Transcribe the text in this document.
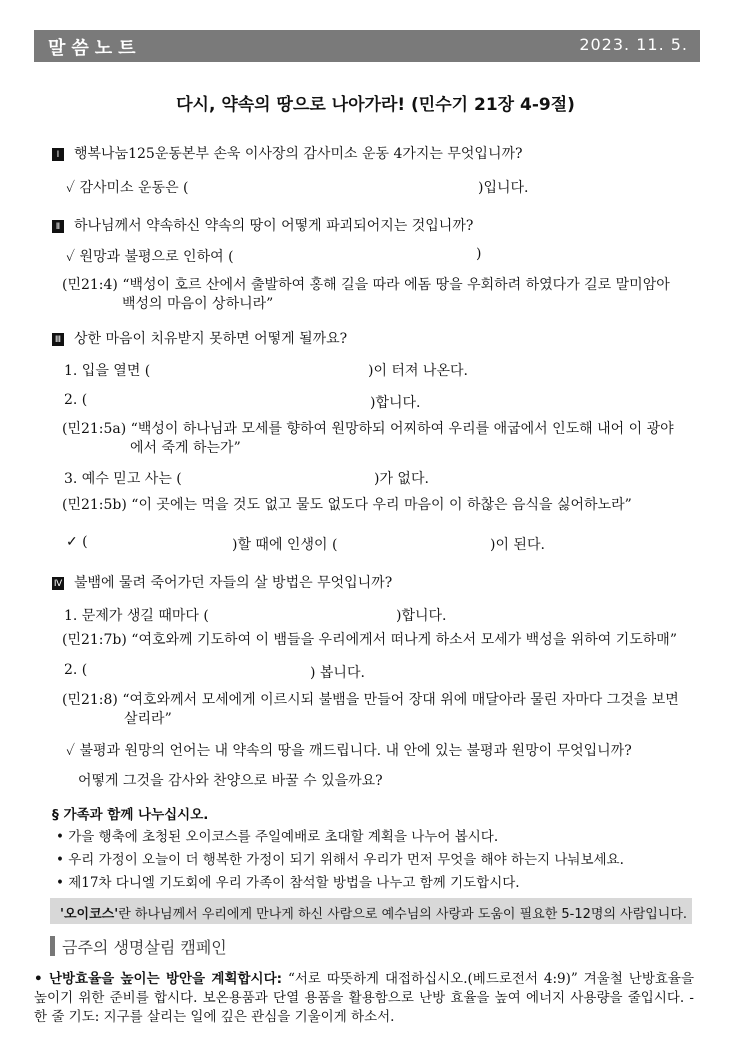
말씀노트	2023. 11. 5.
다시, 약속의 땅으로 나아가라! (민수기 21장 4-9절)
Ⅰ 행복나눔125운동본부 손욱 이사장의 감사미소 운동 4가지는 무엇입니까?
✓ 감사미소 운동은 (	)입니다.
Ⅱ 하나님께서 약속하신 약속의 땅이 어떻게 파괴되어지는 것입니까?
✓ 원망과 불평으로 인하여 (	)
(민21:4) “백성이 호르 산에서 출발하여 홍해 길을 따라 에돔 땅을 우회하려 하였다가 길로 말미암아
백성의 마음이 상하니라”
Ⅲ 상한 마음이 치유받지 못하면 어떻게 될까요?
1. 입을 열면 (	)이 터져 나온다.
2. (	)합니다.
(민21:5a) “백성이 하나님과 모세를 향하여 원망하되 어찌하여 우리를 애굽에서 인도해 내어 이 광야
에서 죽게 하는가”
3. 예수 믿고 사는 (	)가 없다.
(민21:5b) “이 곳에는 먹을 것도 없고 물도 없도다 우리 마음이 이 하찮은 음식을 싫어하노라”
✓ (	)할 때에 인생이 (	)이 된다.
Ⅳ 불뱀에 물려 죽어가던 자들의 살 방법은 무엇입니까?
1. 문제가 생길 때마다 (	)합니다.
(민21:7b) “여호와께 기도하여 이 뱀들을 우리에게서 떠나게 하소서 모세가 백성을 위하여 기도하매”
2. (	) 봅니다.
(민21:8) “여호와께서 모세에게 이르시되 불뱀을 만들어 장대 위에 매달아라 물린 자마다 그것을 보면
살리라”
✓ 불평과 원망의 언어는 내 약속의 땅을 깨드립니다. 내 안에 있는 불평과 원망이 무엇입니까?
어떻게 그것을 감사와 찬양으로 바꿀 수 있을까요?
§ 가족과 함께 나누십시오.
• 가을 행축에 초청된 오이코스를 주일예배로 초대할 계획을 나누어 봅시다.
• 우리 가정이 오늘이 더 행복한 가정이 되기 위해서 우리가 먼저 무엇을 해야 하는지 나눠보세요.
• 제17차 다니엘 기도회에 우리 가족이 참석할 방법을 나누고 함께 기도합시다.
'오이코스'란 하나님께서 우리에게 만나게 하신 사람으로 예수님의 사랑과 도움이 필요한 5-12명의 사람입니다.
금주의 생명살림 캠페인
• 난방효율을 높이는 방안을 계획합시다: “서로 따뜻하게 대접하십시오.(베드로전서 4:9)” 겨울철 난방효율을 높이기 위한 준비를 합시다. 보온용품과 단열 용품을 활용함으로 난방 효율을 높여 에너지 사용량을 줄입시다. - 한 줄 기도: 지구를 살리는 일에 깊은 관심을 기울이게 하소서.
